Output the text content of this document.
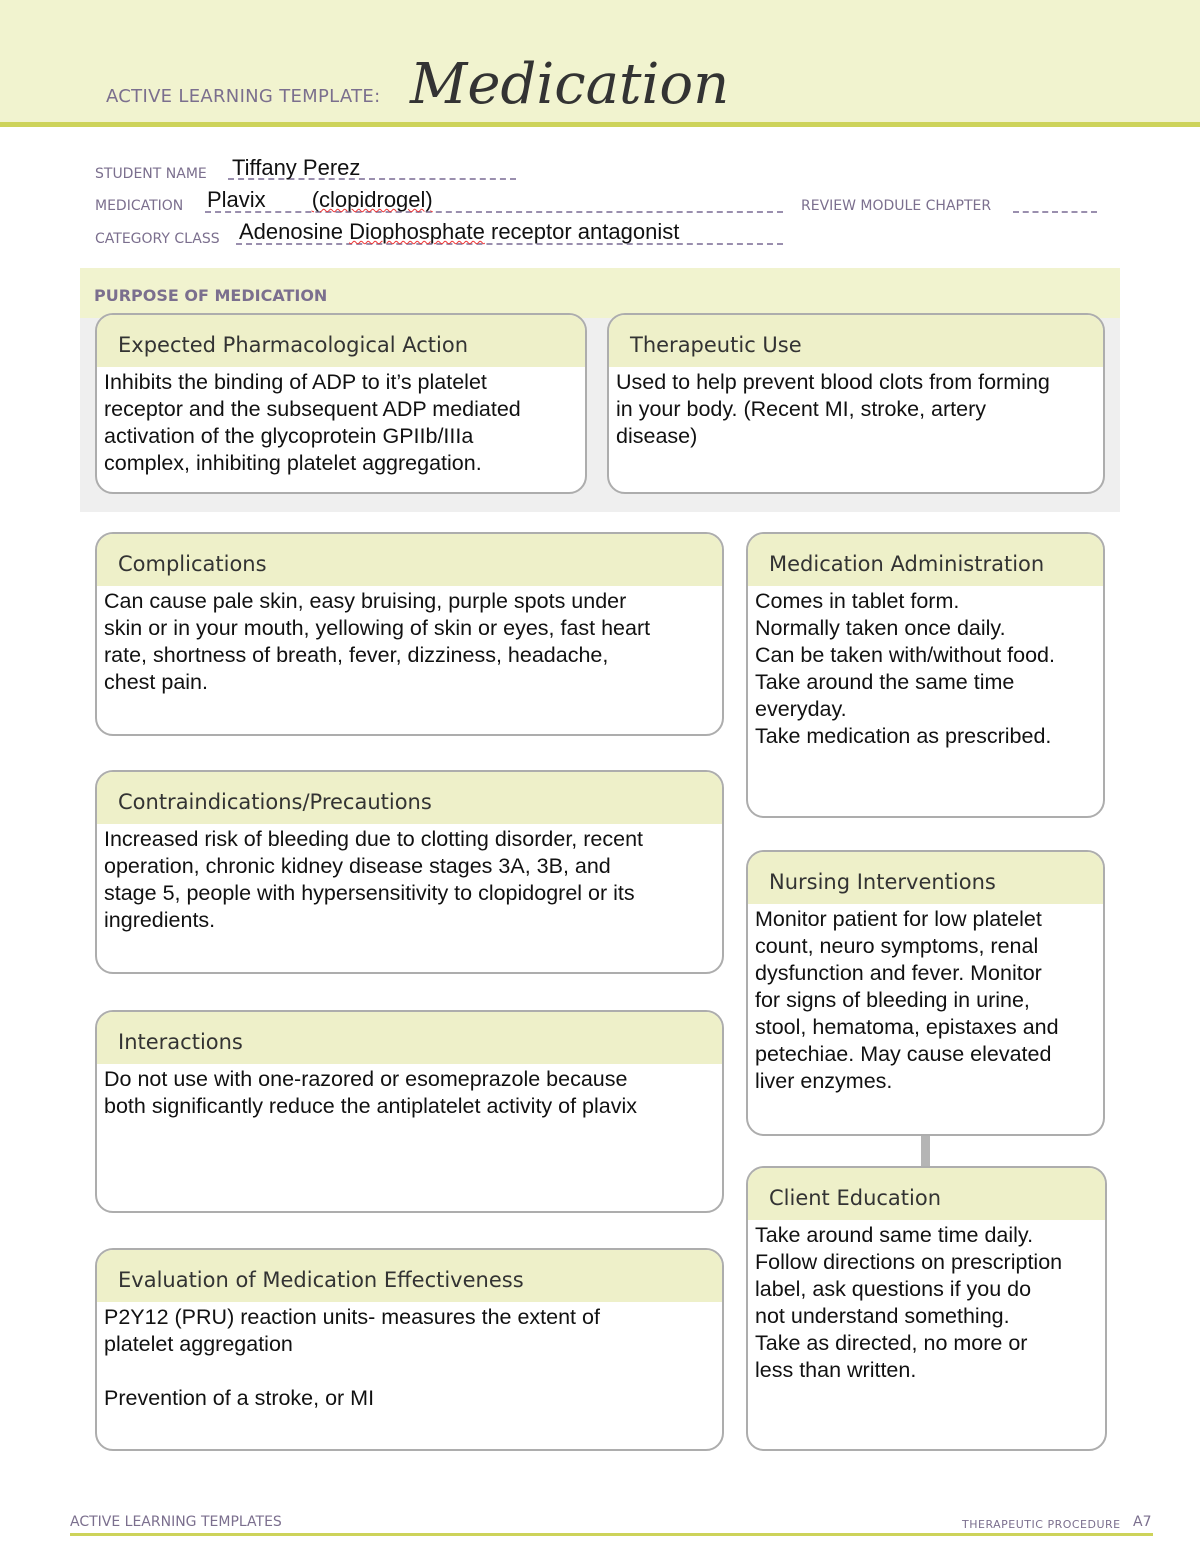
ACTIVE LEARNING TEMPLATE: Medication
STUDENT NAME Tiffany Perez
MEDICATION Plavix (clopidrogel)	REVIEW MODULE CHAPTER
CATEGORY CLASS Adenosine Diophosphate receptor antagonist
PURPOSE OF MEDICATION
Expected Pharmacological Action
Inhibits the binding of ADP to it’s platelet
receptor and the subsequent ADP mediated
activation of the glycoprotein GPIIb/IIIa
complex, inhibiting platelet aggregation.
Therapeutic Use
Used to help prevent blood clots from forming
in your body. (Recent MI, stroke, artery
disease)
Complications
Can cause pale skin, easy bruising, purple spots under
skin or in your mouth, yellowing of skin or eyes, fast heart
rate, shortness of breath, fever, dizziness, headache,
chest pain.
Medication Administration
Comes in tablet form.
Normally taken once daily.
Can be taken with/without food.
Take around the same time
everyday.
Take medication as prescribed.
Contraindications/Precautions
Increased risk of bleeding due to clotting disorder, recent
operation, chronic kidney disease stages 3A, 3B, and
stage 5, people with hypersensitivity to clopidogrel or its
ingredients.
Nursing Interventions
Monitor patient for low platelet
count, neuro symptoms, renal
dysfunction and fever. Monitor
for signs of bleeding in urine,
stool, hematoma, epistaxes and
petechiae. May cause elevated
liver enzymes.
Interactions
Do not use with one-razored or esomeprazole because
both significantly reduce the antiplatelet activity of plavix
Client Education
Take around same time daily.
Follow directions on prescription
label, ask questions if you do
not understand something.
Take as directed, no more or
less than written.
Evaluation of Medication Effectiveness
P2Y12 (PRU) reaction units- measures the extent of
platelet aggregation

Prevention of a stroke, or MI
ACTIVE LEARNING TEMPLATES	THERAPEUTIC PROCEDURE A7
